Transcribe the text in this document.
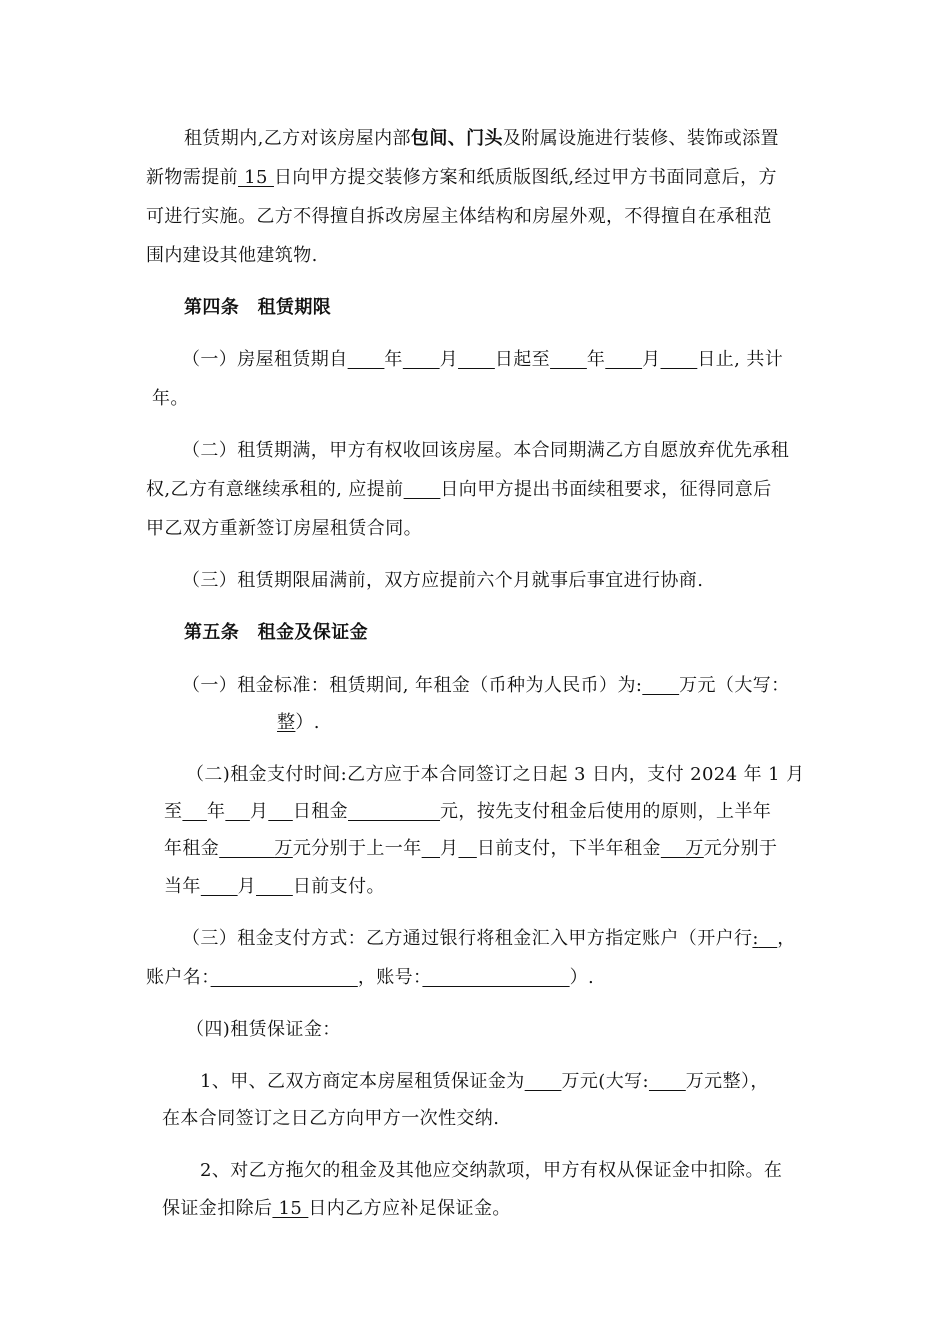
租赁期内,乙方对该房屋内部包间、门头及附属设施进行装修、装饰或添置
新物需提前 15 日向甲方提交装修方案和纸质版图纸,经过甲方书面同意后，方
可进行实施。乙方不得擅自拆改房屋主体结构和房屋外观，不得擅自在承租范
围内建设其他建筑物.
第四条　租赁期限
（一）房屋租赁期自　　 年　　 月　　 日起至　　 年　　 月　　 日止, 共计
年。
（二）租赁期满，甲方有权收回该房屋。本合同期满乙方自愿放弃优先承租
权,乙方有意继续承租的, 应提前　　 日向甲方提出书面续租要求，征得同意后
甲乙双方重新签订房屋租赁合同。
（三）租赁期限届满前，双方应提前六个月就事后事宜进行协商.
第五条　租金及保证金
（一）租金标准：租赁期间, 年租金（币种为人民币）为:　　 万元（大写：
整）.
（二)租金支付时间:乙方应于本合同签订之日起 3 日内，支付 2024 年 1 月
至　 年　 月　 日租金　　　　　	元，按先支付租金后使用的原则，上半年
年租金　　　	万元分别于上一年　 月　 日前支付，下半年租金　 万元分别于
当年　　 月　　 日前支付。
（三）租金支付方式：乙方通过银行将租金汇入甲方指定账户（开户行:　 ，
账户名：　　　　　　　　	，账号：　　　　　　　　	）.
（四)租赁保证金：
1、甲、乙双方商定本房屋租赁保证金为　　 万元(大写:　　 万元整），
在本合同签订之日乙方向甲方一次性交纳.
2、对乙方拖欠的租金及其他应交纳款项，甲方有权从保证金中扣除。在
保证金扣除后 15 日内乙方应补足保证金。
